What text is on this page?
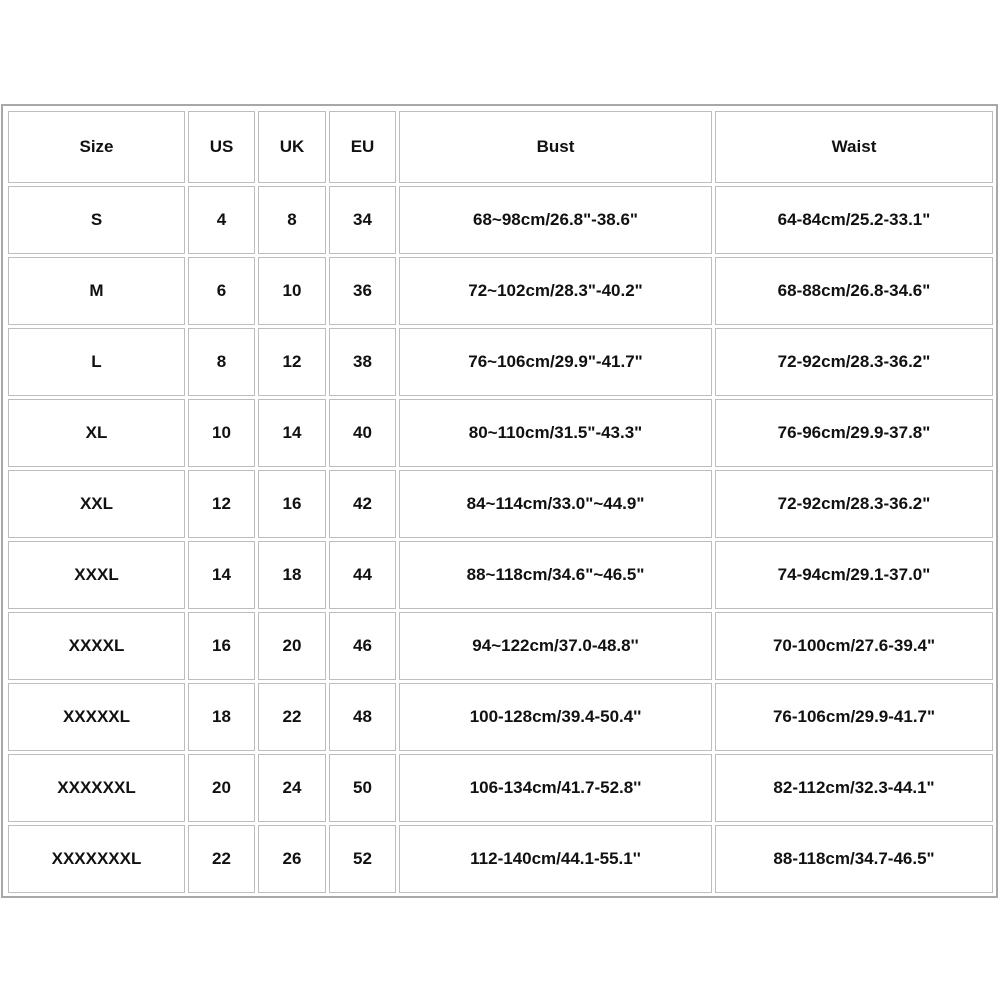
Size	US	UK	EU	Bust	Waist
S	4	8	34	68~98cm/26.8"-38.6"	64-84cm/25.2-33.1"
M	6	10	36	72~102cm/28.3"-40.2"	68-88cm/26.8-34.6"
L	8	12	38	76~106cm/29.9"-41.7"	72-92cm/28.3-36.2"
XL	10	14	40	80~110cm/31.5"-43.3"	76-96cm/29.9-37.8"
XXL	12	16	42	84~114cm/33.0"~44.9"	72-92cm/28.3-36.2"
XXXL	14	18	44	88~118cm/34.6"~46.5"	74-94cm/29.1-37.0"
XXXXL	16	20	46	94~122cm/37.0-48.8''	70-100cm/27.6-39.4"
XXXXXL	18	22	48	100-128cm/39.4-50.4''	76-106cm/29.9-41.7"
XXXXXXL	20	24	50	106-134cm/41.7-52.8''	82-112cm/32.3-44.1"
XXXXXXXL	22	26	52	112-140cm/44.1-55.1''	88-118cm/34.7-46.5"
